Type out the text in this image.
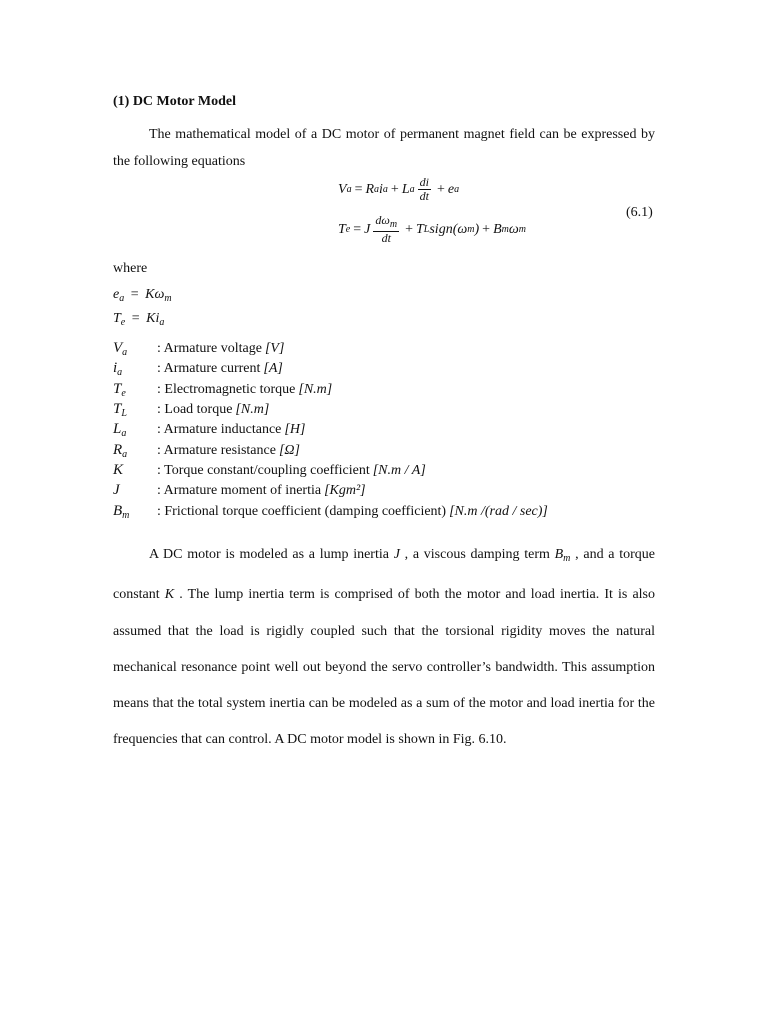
(1) DC Motor Model
The mathematical model of a DC motor of permanent magnet field can be expressed by the following equations
V a = R a i a + L a $\frac{di}{dt} + e$ a
T e = J $\frac{d\omega_m}{dt} + T$ L sign(ω m ) + B m ω m
(6.1)
where
$e_a = K\omega_m$
$T_e = Ki_a$
$V_a$	: Armature voltage [V]
$i_a$	: Armature current [A]
$T_e$	: Electromagnetic torque [N.m]
$T_L$	: Load torque [N.m]
$L_a$	: Armature inductance [H]
$R_a$	: Armature resistance [Ω]
K	: Torque constant/coupling coefficient [N.m / A]
J	: Armature moment of inertia [Kgm²]
$B_m$	: Frictional torque coefficient (damping coefficient) [N.m /(rad / sec)]
A DC motor is modeled as a lump inertia J , a viscous damping term $B_m$ , and a torque constant K . The lump inertia term is comprised of both the motor and load inertia. It is also assumed that the load is rigidly coupled such that the torsional rigidity moves the natural mechanical resonance point well out beyond the servo controller’s bandwidth. This assumption means that the total system inertia can be modeled as a sum of the motor and load inertia for the frequencies that can control. A DC motor model is shown in Fig. 6.10.
